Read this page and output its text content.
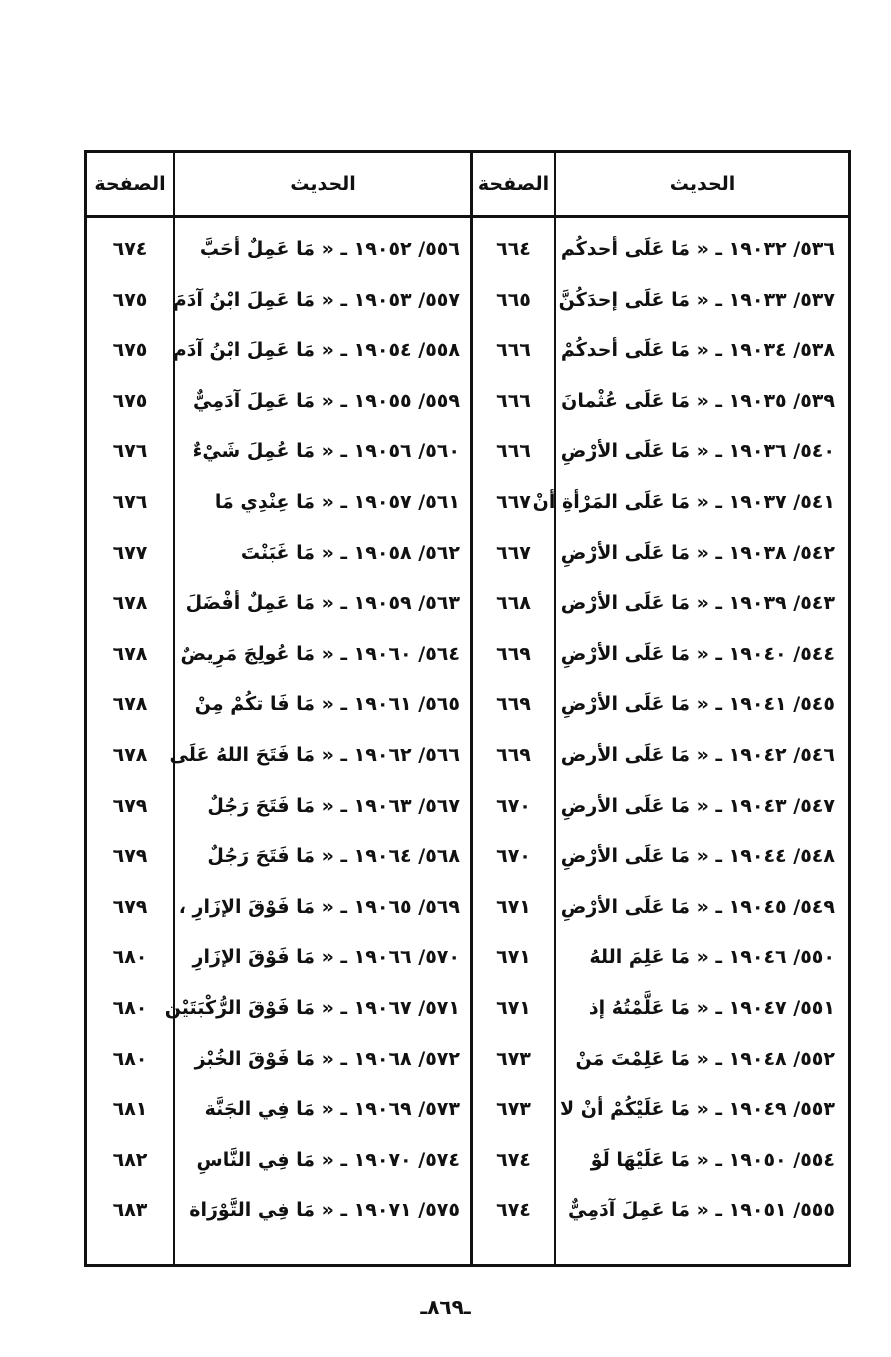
الحديث
الصفحة
الحديث
الصفحة
٥٣٦/ ١٩٠٣٢ ـ « مَا عَلَى أحدكُم
٦٦٤
٥٣٧/ ١٩٠٣٣ ـ « مَا عَلَى إحدَكُنَّ
٦٦٥
٥٣٨/ ١٩٠٣٤ ـ « مَا عَلَى أحدكُمْ
٦٦٦
٥٣٩/ ١٩٠٣٥ ـ « مَا عَلَى عُثْمانَ
٦٦٦
٥٤٠/ ١٩٠٣٦ ـ « مَا عَلَى الأرْضِ
٦٦٦
٥٤١/ ١٩٠٣٧ ـ « مَا عَلَى المَرْأةِ أنْ
٦٦٧
٥٤٢/ ١٩٠٣٨ ـ « مَا عَلَى الأرْضِ
٦٦٧
٥٤٣/ ١٩٠٣٩ ـ « مَا عَلَى الأرْض
٦٦٨
٥٤٤/ ١٩٠٤٠ ـ « مَا عَلَى الأرْضِ
٦٦٩
٥٤٥/ ١٩٠٤١ ـ « مَا عَلَى الأرْضِ
٦٦٩
٥٤٦/ ١٩٠٤٢ ـ « مَا عَلَى الأرض
٦٦٩
٥٤٧/ ١٩٠٤٣ ـ « مَا عَلَى الأرضِ
٦٧٠
٥٤٨/ ١٩٠٤٤ ـ « مَا عَلَى الأرْضِ
٦٧٠
٥٤٩/ ١٩٠٤٥ ـ « مَا عَلَى الأرْضِ
٦٧١
٥٥٠/ ١٩٠٤٦ ـ « مَا عَلِمَ اللهُ
٦٧١
٥٥١/ ١٩٠٤٧ ـ « مَا عَلَّمْتُهُ إذ
٦٧١
٥٥٢/ ١٩٠٤٨ ـ « مَا عَلِمْتَ مَنْ
٦٧٣
٥٥٣/ ١٩٠٤٩ ـ « مَا عَلَيْكُمْ أنْ لا
٦٧٣
٥٥٤/ ١٩٠٥٠ ـ « مَا عَلَيْهَا لَوْ
٦٧٤
٥٥٥/ ١٩٠٥١ ـ « مَا عَمِلَ آدَمِيٌّ
٦٧٤
٥٥٦/ ١٩٠٥٢ ـ « مَا عَمِلٌ أحَبَّ
٦٧٤
٥٥٧/ ١٩٠٥٣ ـ « مَا عَمِلَ ابْنُ آدَمَ
٦٧٥
٥٥٨/ ١٩٠٥٤ ـ « مَا عَمِلَ ابْنُ آدَم
٦٧٥
٥٥٩/ ١٩٠٥٥ ـ « مَا عَمِلَ آدَمِيٌّ
٦٧٥
٥٦٠/ ١٩٠٥٦ ـ « مَا عُمِلَ شَيْءٌ
٦٧٦
٥٦١/ ١٩٠٥٧ ـ « مَا عِنْدِي مَا
٦٧٦
٥٦٢/ ١٩٠٥٨ ـ « مَا غَبَنْتَ
٦٧٧
٥٦٣/ ١٩٠٥٩ ـ « مَا عَمِلٌ أفْضَلَ
٦٧٨
٥٦٤/ ١٩٠٦٠ ـ « مَا عُولِجَ مَرِيضٌ
٦٧٨
٥٦٥/ ١٩٠٦١ ـ « مَا فَا تكُمْ مِنْ
٦٧٨
٥٦٦/ ١٩٠٦٢ ـ « مَا فَتَحَ اللهُ عَلَى
٦٧٨
٥٦٧/ ١٩٠٦٣ ـ « مَا فَتَحَ رَجُلٌ
٦٧٩
٥٦٨/ ١٩٠٦٤ ـ « مَا فَتَحَ رَجُلٌ
٦٧٩
٥٦٩/ ١٩٠٦٥ ـ « مَا فَوْقَ الإزَارِ ،
٦٧٩
٥٧٠/ ١٩٠٦٦ ـ « مَا فَوْقَ الإزَارِ
٦٨٠
٥٧١/ ١٩٠٦٧ ـ « مَا فَوْقَ الرُّكْبَتَيْن
٦٨٠
٥٧٢/ ١٩٠٦٨ ـ « مَا فَوْقَ الخُبْز
٦٨٠
٥٧٣/ ١٩٠٦٩ ـ « مَا فِي الجَنَّة
٦٨١
٥٧٤/ ١٩٠٧٠ ـ « مَا فِي النَّاسِ
٦٨٢
٥٧٥/ ١٩٠٧١ ـ « مَا فِي التَّوْرَاة
٦٨٣
ـ٨٦٩ـ
